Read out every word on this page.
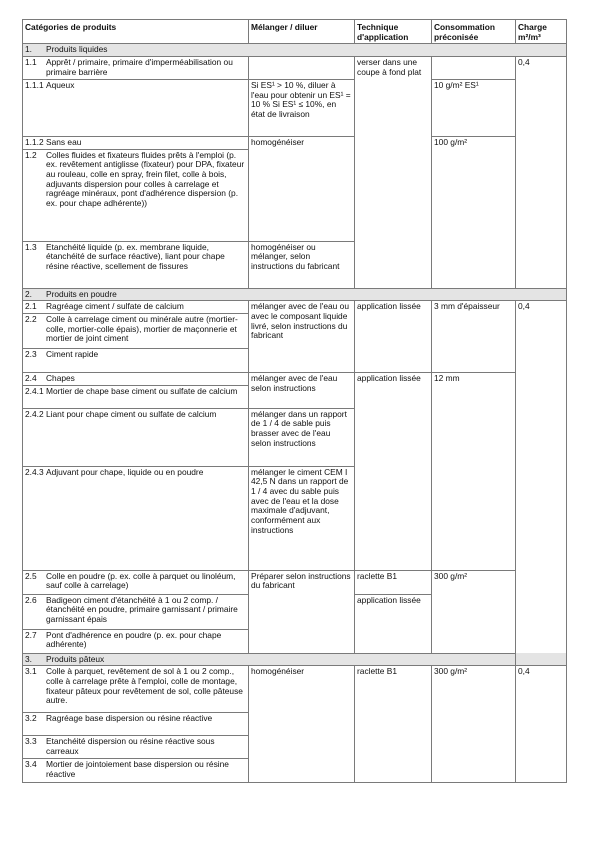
Catégories de produits	Mélanger / diluer	Technique d'application	Consommation préconisée	Charge m²/m³
1. Produits liquides				
1.1 Apprêt / primaire, primaire d'imperméabilisation ou primaire barrière		verser dans une coupe à fond plat		0,4
1.1.1 Aqueux	Si ES¹ > 10 %, diluer à l'eau pour obtenir un ES¹ = 10 % Si ES¹ ≤ 10%, en état de livraison		10 g/m² ES¹	
1.1.2 Sans eau	homogénéiser		100 g/m²	
1.2 Colles fluides et fixateurs fluides prêts à l'emploi (p. ex. revêtement antiglisse (fixateur) pour DPA, fixateur au rouleau, colle en spray, frein filet, colle à bois, adjuvants dispersion pour colles à carrelage et ragréage minéraux, pont d'adhérence dispersion (p. ex. pour chape adhérente))				
1.3 Etanchéité liquide (p. ex. membrane liquide, étanchéité de surface réactive), liant pour chape résine réactive, scellement de fissures	homogénéiser ou mélanger, selon instructions du fabricant			
2. Produits en poudre				
2.1 Ragréage ciment / sulfate de calcium	mélanger avec de l'eau ou avec le composant liquide livré, selon instructions du fabricant	application lissée	3 mm d'épaisseur	0,4
2.2 Colle à carrelage ciment ou minérale autre (mortier-colle, mortier-colle épais), mortier de maçonnerie et mortier de joint ciment				
2.3 Ciment rapide				
2.4 Chapes	mélanger avec de l'eau selon instructions	application lissée	12 mm	
2.4.1 Mortier de chape base ciment ou sulfate de calcium				
2.4.2 Liant pour chape ciment ou sulfate de calcium	mélanger dans un rapport de 1 / 4 de sable puis brasser avec de l'eau selon instructions			
2.4.3 Adjuvant pour chape, liquide ou en poudre	mélanger le ciment CEM I 42,5 N dans un rapport de 1 / 4 avec du sable puis avec de l'eau et la dose maximale d'adjuvant, conformément aux instructions			
2.5 Colle en poudre (p. ex. colle à parquet ou linoléum, sauf colle à carrelage)	Préparer selon instructions du fabricant	raclette B1	300 g/m²	
2.6 Badigeon ciment d'étanchéité à 1 ou 2 comp. / étanchéité en poudre, primaire garnissant / primaire garnissant épais		application lissée		
2.7 Pont d'adhérence en poudre (p. ex. pour chape adhérente)				
3. Produits pâteux				
3.1 Colle à parquet, revêtement de sol à 1 ou 2 comp., colle à carrelage prête à l'emploi, colle de montage, fixateur pâteux pour revêtement de sol, colle pâteuse autre.	homogénéiser	raclette B1	300 g/m²	0,4
3.2 Ragréage base dispersion ou résine réactive				
3.3 Etanchéité dispersion ou résine réactive sous carreaux				
3.4 Mortier de jointoiement base dispersion ou résine réactive				
